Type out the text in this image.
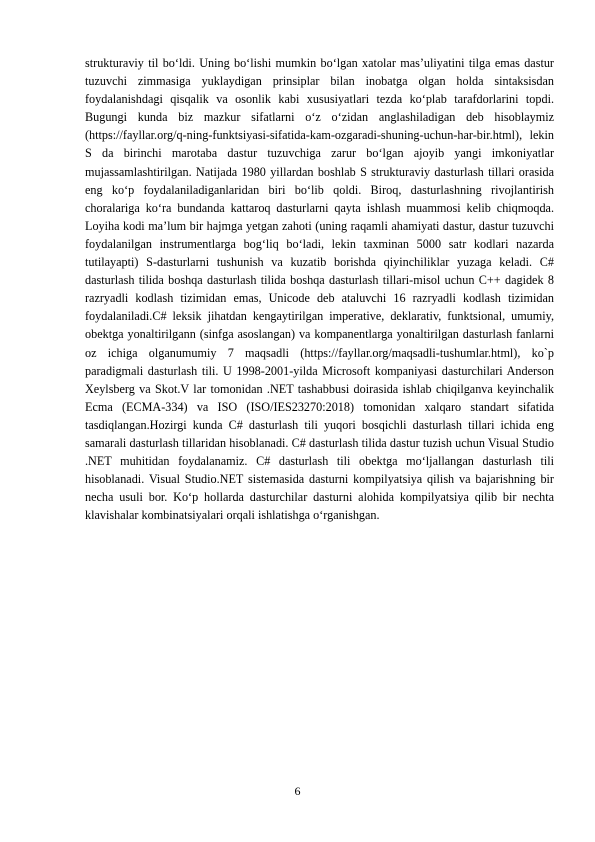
strukturaviy til bo‘ldi. Uning bo‘lishi mumkin bo‘lgan xatolar mas’uliyatini tilga emas dastur tuzuvchi zimmasiga yuklaydigan prinsiplar bilan inobatga olgan holda sintaksisdan foydalanishdagi qisqalik va osonlik kabi xususiyatlari tezda ko‘plab tarafdorlarini topdi. Bugungi kunda biz mazkur sifatlarni o‘z o‘zidan anglashiladigan deb hisoblaymiz (https://fayllar.org/q-ning-funktsiyasi-sifatida-kam-ozgaradi-shuning-uchun-har-bir.html), lekin S da birinchi marotaba dastur tuzuvchiga zarur bo‘lgan ajoyib yangi imkoniyatlar mujassamlashtirilgan. Natijada 1980 yillardan boshlab S strukturaviy dasturlash tillari orasida eng ko‘p foydalaniladiganlaridan biri bo‘lib qoldi. Biroq, dasturlashning rivojlantirish choralariga ko‘ra bundanda kattaroq dasturlarni qayta ishlash muammosi kelib chiqmoqda. Loyiha kodi ma’lum bir hajmga yetgan zahoti (uning raqamli ahamiyati dastur, dastur tuzuvchi foydalanilgan instrumentlarga bog‘liq bo‘ladi, lekin taxminan 5000 satr kodlari nazarda tutilayapti) S-dasturlarni tushunish va kuzatib borishda qiyinchiliklar yuzaga keladi. C# dasturlash tilida boshqa dasturlash tilida boshqa dasturlash tillari-misol uchun C++ dagidek 8 razryadli kodlash tizimidan emas, Unicode deb ataluvchi 16 razryadli kodlash tizimidan foydalaniladi.C# leksik jihatdan kengaytirilgan imperative, deklarativ, funktsional, umumiy, obektga yonaltirilgann (sinfga asoslangan) va kompanentlarga yonaltirilgan dasturlash fanlarni oz ichiga olganumumiy 7 maqsadli (https://fayllar.org/maqsadli-tushumlar.html), ko`p paradigmali dasturlash tili. U 1998-2001-yilda Microsoft kompaniyasi dasturchilari Anderson Xeylsberg va Skot.V lar tomonidan .NET tashabbusi doirasida ishlab chiqilganva keyinchalik Ecma (ECMA-334) va ISO (ISO/IES23270:2018) tomonidan xalqaro standart sifatida tasdiqlangan.Hozirgi kunda C# dasturlash tili yuqori bosqichli dasturlash tillari ichida eng samarali dasturlash tillaridan hisoblanadi. C# dasturlash tilida dastur tuzish uchun Visual Studio .NET muhitidan foydalanamiz. C# dasturlash tili obektga mo‘ljallangan dasturlash tili hisoblanadi. Visual Studio.NET sistemasida dasturni kompilyatsiya qilish va bajarishning bir necha usuli bor. Ko‘p hollarda dasturchilar dasturni alohida kompilyatsiya qilib bir nechta klavishalar kombinatsiyalari orqali ishlatishga o‘rganishgan.

6
